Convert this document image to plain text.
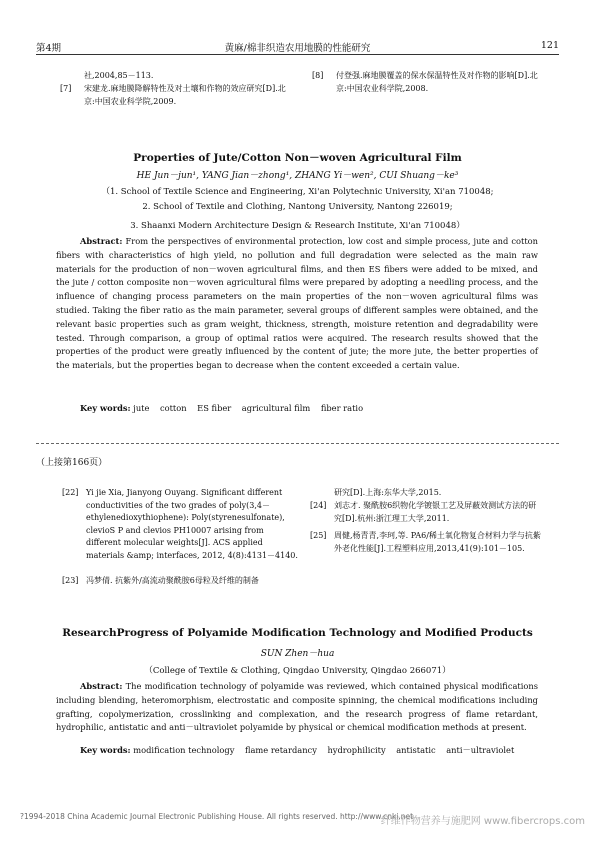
第4期	黄麻/棉非织造农用地膜的性能研究	121
社,2004,85－113.
[7] 宋建龙.麻地膜降解特性及对土壤和作物的效应研究[D].北京:中国农业科学院,2009.
[8] 付登强.麻地膜覆盖的保水保温特性及对作物的影响[D].北京:中国农业科学院,2008.
Properties of Jute/Cotton Non－woven Agricultural Film
HE Jun－jun¹, YANG Jian－zhong¹, ZHANG Yi－wen², CUI Shuang－ke³
（1. School of Textile Science and Engineering, Xi'an Polytechnic University, Xi'an 710048;
2. School of Textile and Clothing, Nantong University, Nantong 226019;
3. Shaanxi Modern Architecture Design & Research Institute, Xi'an 710048）
Abstract: From the perspectives of environmental protection, low cost and simple process, jute and cotton fibers with characteristics of high yield, no pollution and full degradation were selected as the main raw materials for the production of non－woven agricultural films, and then ES fibers were added to be mixed, and the jute / cotton composite non－woven agricultural films were prepared by adopting a needling process, and the influence of changing process parameters on the main properties of the non－woven agricultural films was studied. Taking the fiber ratio as the main parameter, several groups of different samples were obtained, and the relevant basic properties such as gram weight, thickness, strength, moisture retention and degradability were tested. Through comparison, a group of optimal ratios were acquired. The research results showed that the properties of the product were greatly influenced by the content of jute; the more jute, the better properties of the materials, but the properties began to decrease when the content exceeded a certain value.
Key words: jute    cotton    ES fiber    agricultural film    fiber ratio
（上接第166页）
[22] Yi jie Xia, Jianyong Ouyang. Significant different conductivities of the two grades of poly(3,4－ethylenedioxythiophene): Poly(styrenesulfonate), clevioS P and clevios PH10007 arising from different molecular weights[J]. ACS applied materials &amp; interfaces, 2012, 4(8):4131－4140.
[23] 冯梦倩. 抗紫外/高流动聚酰胺6母粒及纤维的制备
研究[D].上海:东华大学,2015.
[24] 刘志才. 聚酰胺6织物化学镀银工艺及屏蔽效测试方法的研究[D].杭州:浙江理工大学,2011.
[25] 周健,杨青青,李珂,等. PA6/稀土氧化物复合材料力学与抗紫外老化性能[J].工程塑料应用,2013,41(9):101－105.
ResearchProgress of Polyamide Modification Technology and Modified Products
SUN Zhen－hua
（College of Textile & Clothing, Qingdao University, Qingdao 266071）
Abstract: The modification technology of polyamide was reviewed, which contained physical modifications including blending, heteromorphism, electrostatic and composite spinning, the chemical modifications including grafting, copolymerization, crosslinking and complexation, and the research progress of flame retardant, hydrophilic, antistatic and anti－ultraviolet polyamide by physical or chemical modification methods at present.
Key words: modification technology    flame retardancy    hydrophilicity    antistatic    anti－ultraviolet
?1994-2018 China Academic Journal Electronic Publishing House. All rights reserved. http://www.cnki.net
纤维作物营养与施肥网 www.fibercrops.com
